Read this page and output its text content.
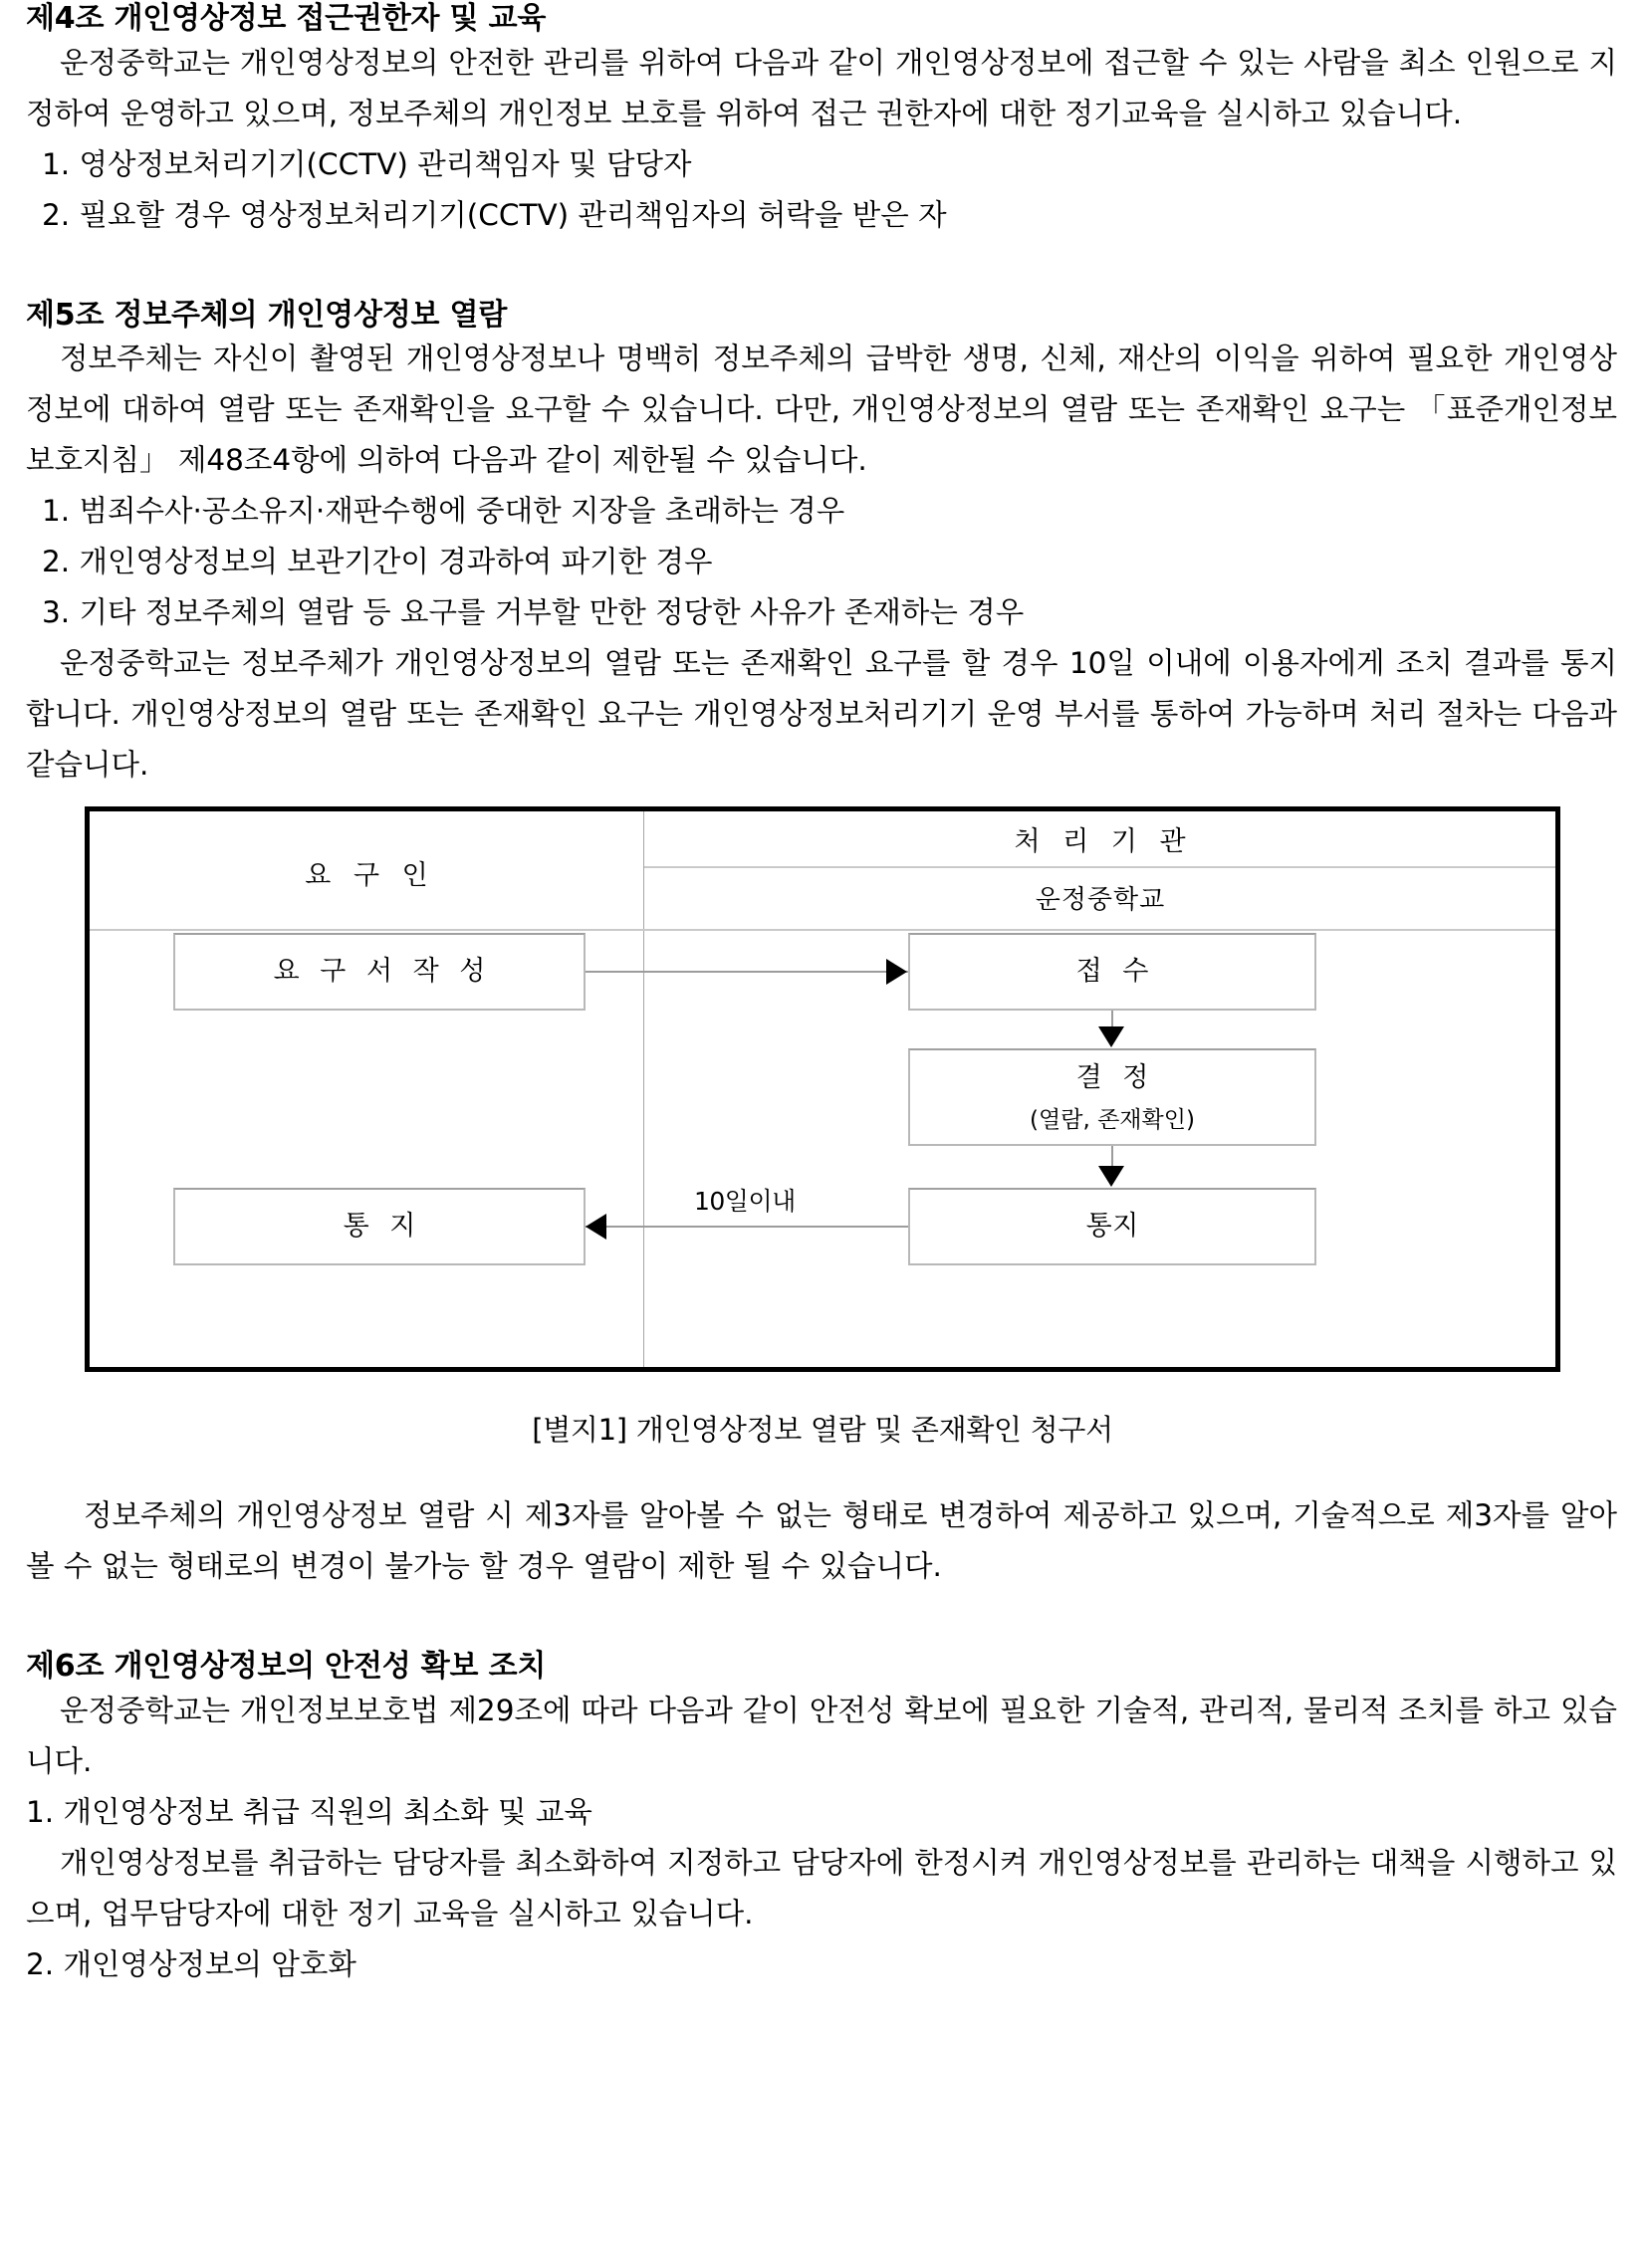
제4조 개인영상정보 접근권한자 및 교육

운정중학교는 개인영상정보의 안전한 관리를 위하여 다음과 같이 개인영상정보에 접근할 수 있는 사람을 최소 인원으로 지정하여 운영하고 있으며, 정보주체의 개인정보 보호를 위하여 접근 권한자에 대한 정기교육을 실시하고 있습니다.

1. 영상정보처리기기(CCTV) 관리책임자 및 담당자

2. 필요할 경우 영상정보처리기기(CCTV) 관리책임자의 허락을 받은 자

제5조 정보주체의 개인영상정보 열람

정보주체는 자신이 촬영된 개인영상정보나 명백히 정보주체의 급박한 생명, 신체, 재산의 이익을 위하여 필요한 개인영상정보에 대하여 열람 또는 존재확인을 요구할 수 있습니다. 다만, 개인영상정보의 열람 또는 존재확인 요구는 「표준개인정보보호지침」 제48조4항에 의하여 다음과 같이 제한될 수 있습니다.

1. 범죄수사·공소유지·재판수행에 중대한 지장을 초래하는 경우

2. 개인영상정보의 보관기간이 경과하여 파기한 경우

3. 기타 정보주체의 열람 등 요구를 거부할 만한 정당한 사유가 존재하는 경우

운정중학교는 정보주체가 개인영상정보의 열람 또는 존재확인 요구를 할 경우 10일 이내에 이용자에게 조치 결과를 통지합니다. 개인영상정보의 열람 또는 존재확인 요구는 개인영상정보처리기기 운영 부서를 통하여 가능하며 처리 절차는 다음과 같습니다.

요 구 인
처 리 기 관
운정중학교
요 구 서 작 성	접 수
결 정
(열람, 존재확인)
통지
통 지
10일이내

[별지1] 개인영상정보 열람 및 존재확인 청구서

정보주체의 개인영상정보 열람 시 제3자를 알아볼 수 없는 형태로 변경하여 제공하고 있으며, 기술적으로 제3자를 알아볼 수 없는 형태로의 변경이 불가능 할 경우 열람이 제한 될 수 있습니다.

제6조 개인영상정보의 안전성 확보 조치

운정중학교는 개인정보보호법 제29조에 따라 다음과 같이 안전성 확보에 필요한 기술적, 관리적, 물리적 조치를 하고 있습니다.

1. 개인영상정보 취급 직원의 최소화 및 교육

개인영상정보를 취급하는 담당자를 최소화하여 지정하고 담당자에 한정시켜 개인영상정보를 관리하는 대책을 시행하고 있으며, 업무담당자에 대한 정기 교육을 실시하고 있습니다.

2. 개인영상정보의 암호화
